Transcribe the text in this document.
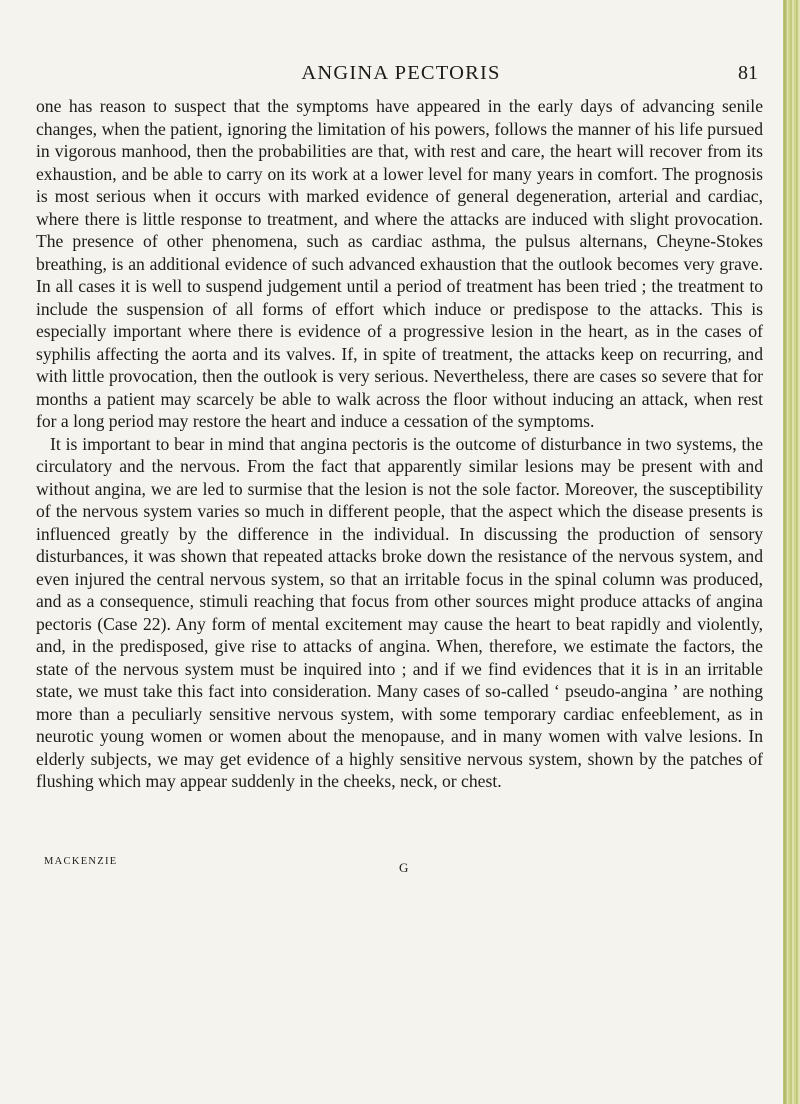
ANGINA PECTORIS	81

one has reason to suspect that the symptoms have appeared in the early days of advancing senile changes, when the patient, ignoring the limitation of his powers, follows the manner of his life pursued in vigorous manhood, then the probabilities are that, with rest and care, the heart will recover from its exhaustion, and be able to carry on its work at a lower level for many years in comfort. The prognosis is most serious when it occurs with marked evidence of general degeneration, arterial and cardiac, where there is little response to treatment, and where the attacks are induced with slight provocation. The presence of other phenomena, such as cardiac asthma, the pulsus alternans, Cheyne-Stokes breathing, is an additional evidence of such advanced exhaustion that the outlook becomes very grave. In all cases it is well to suspend judgement until a period of treatment has been tried ; the treatment to include the suspension of all forms of effort which induce or predispose to the attacks. This is especially important where there is evidence of a progressive lesion in the heart, as in the cases of syphilis affecting the aorta and its valves. If, in spite of treatment, the attacks keep on recurring, and with little provocation, then the outlook is very serious. Nevertheless, there are cases so severe that for months a patient may scarcely be able to walk across the floor without inducing an attack, when rest for a long period may restore the heart and induce a cessation of the symptoms.

It is important to bear in mind that angina pectoris is the outcome of disturbance in two systems, the circulatory and the nervous. From the fact that apparently similar lesions may be present with and without angina, we are led to surmise that the lesion is not the sole factor. Moreover, the susceptibility of the nervous system varies so much in different people, that the aspect which the disease presents is influenced greatly by the difference in the individual. In discussing the production of sensory disturbances, it was shown that repeated attacks broke down the resistance of the nervous system, and even injured the central nervous system, so that an irritable focus in the spinal column was produced, and as a consequence, stimuli reaching that focus from other sources might produce attacks of angina pectoris (Case 22). Any form of mental excitement may cause the heart to beat rapidly and violently, and, in the predisposed, give rise to attacks of angina. When, therefore, we estimate the factors, the state of the nervous system must be inquired into ; and if we find evidences that it is in an irritable state, we must take this fact into consideration. Many cases of so-called ‘ pseudo-angina ’ are nothing more than a peculiarly sensitive nervous system, with some temporary cardiac enfeeblement, as in neurotic young women or women about the menopause, and in many women with valve lesions. In elderly subjects, we may get evidence of a highly sensitive nervous system, shown by the patches of flushing which may appear suddenly in the cheeks, neck, or chest.

MACKENZIE	G
